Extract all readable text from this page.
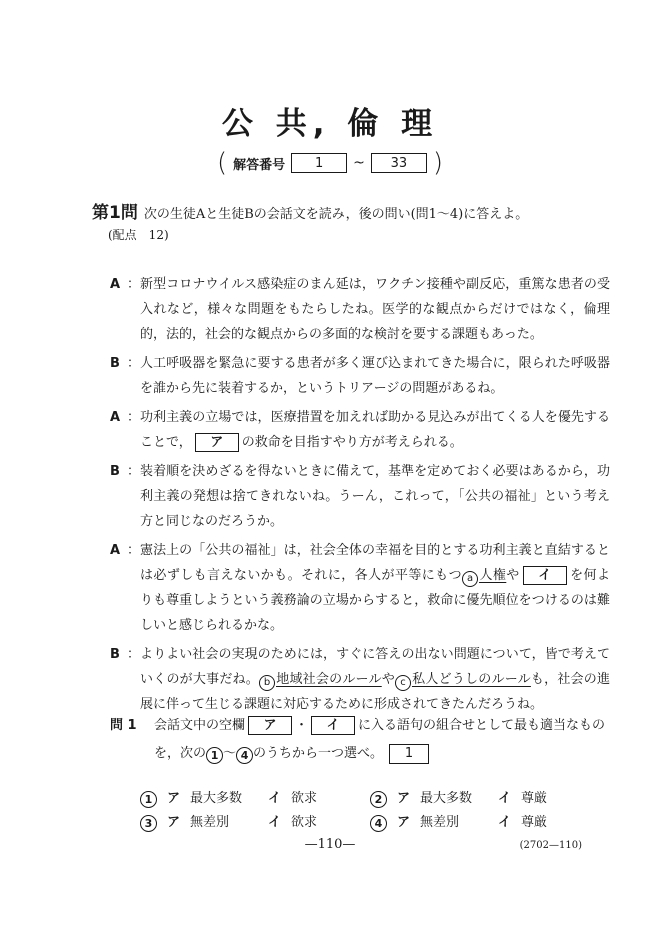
公 共, 倫 理
( 解答番号	1	~	33 )
第1問 次の生徒Aと生徒Bの会話文を読み，後の問い(問1～4)に答えよ。
(配点　12)
A ： 新型コロナウイルス感染症のまん延は，ワクチン接種や副反応，重篤な患者の受入れなど，様々な問題をもたらしたね。医学的な観点からだけではなく，倫理的，法的，社会的な観点からの多面的な検討を要する課題もあった。
B ： 人工呼吸器を緊急に要する患者が多く運び込まれてきた場合に，限られた呼吸器を誰から先に装着するか，というトリアージの問題があるね。
A ： 功利主義の立場では，医療措置を加えれば助かる見込みが出てくる人を優先することで， ア の救命を目指すやり方が考えられる。
B ： 装着順を決めざるを得ないときに備えて，基準を定めておく必要はあるから，功利主義の発想は捨てきれないね。うーん，これって，「公共の福祉」という考え方と同じなのだろうか。
A ： 憲法上の「公共の福祉」は，社会全体の幸福を目的とする功利主義と直結するとは必ずしも言えないかも。それに，各人が平等にもつ a 人権や イ を何よりも尊重しようという義務論の立場からすると，救命に優先順位をつけるのは難しいと感じられるかな。
B ： よりよい社会の実現のためには，すぐに答えの出ない問題について，皆で考えていくのが大事だね。 b 地域社会のルールや c 私人どうしのルールも，社会の進展に伴って生じる課題に対応するために形成されてきたんだろうね。
問 1	会話文中の空欄 ア ・ イ に入る語句の組合せとして最も適当なものを，次の 1 ～ 4 のうちから一つ選べ。 1
1	ア 最大多数	イ 欲求	2	ア 最大多数	イ 尊厳
3	ア 無差別	イ 欲求	4	ア 無差別	イ 尊厳
—110—	(2702—110)
